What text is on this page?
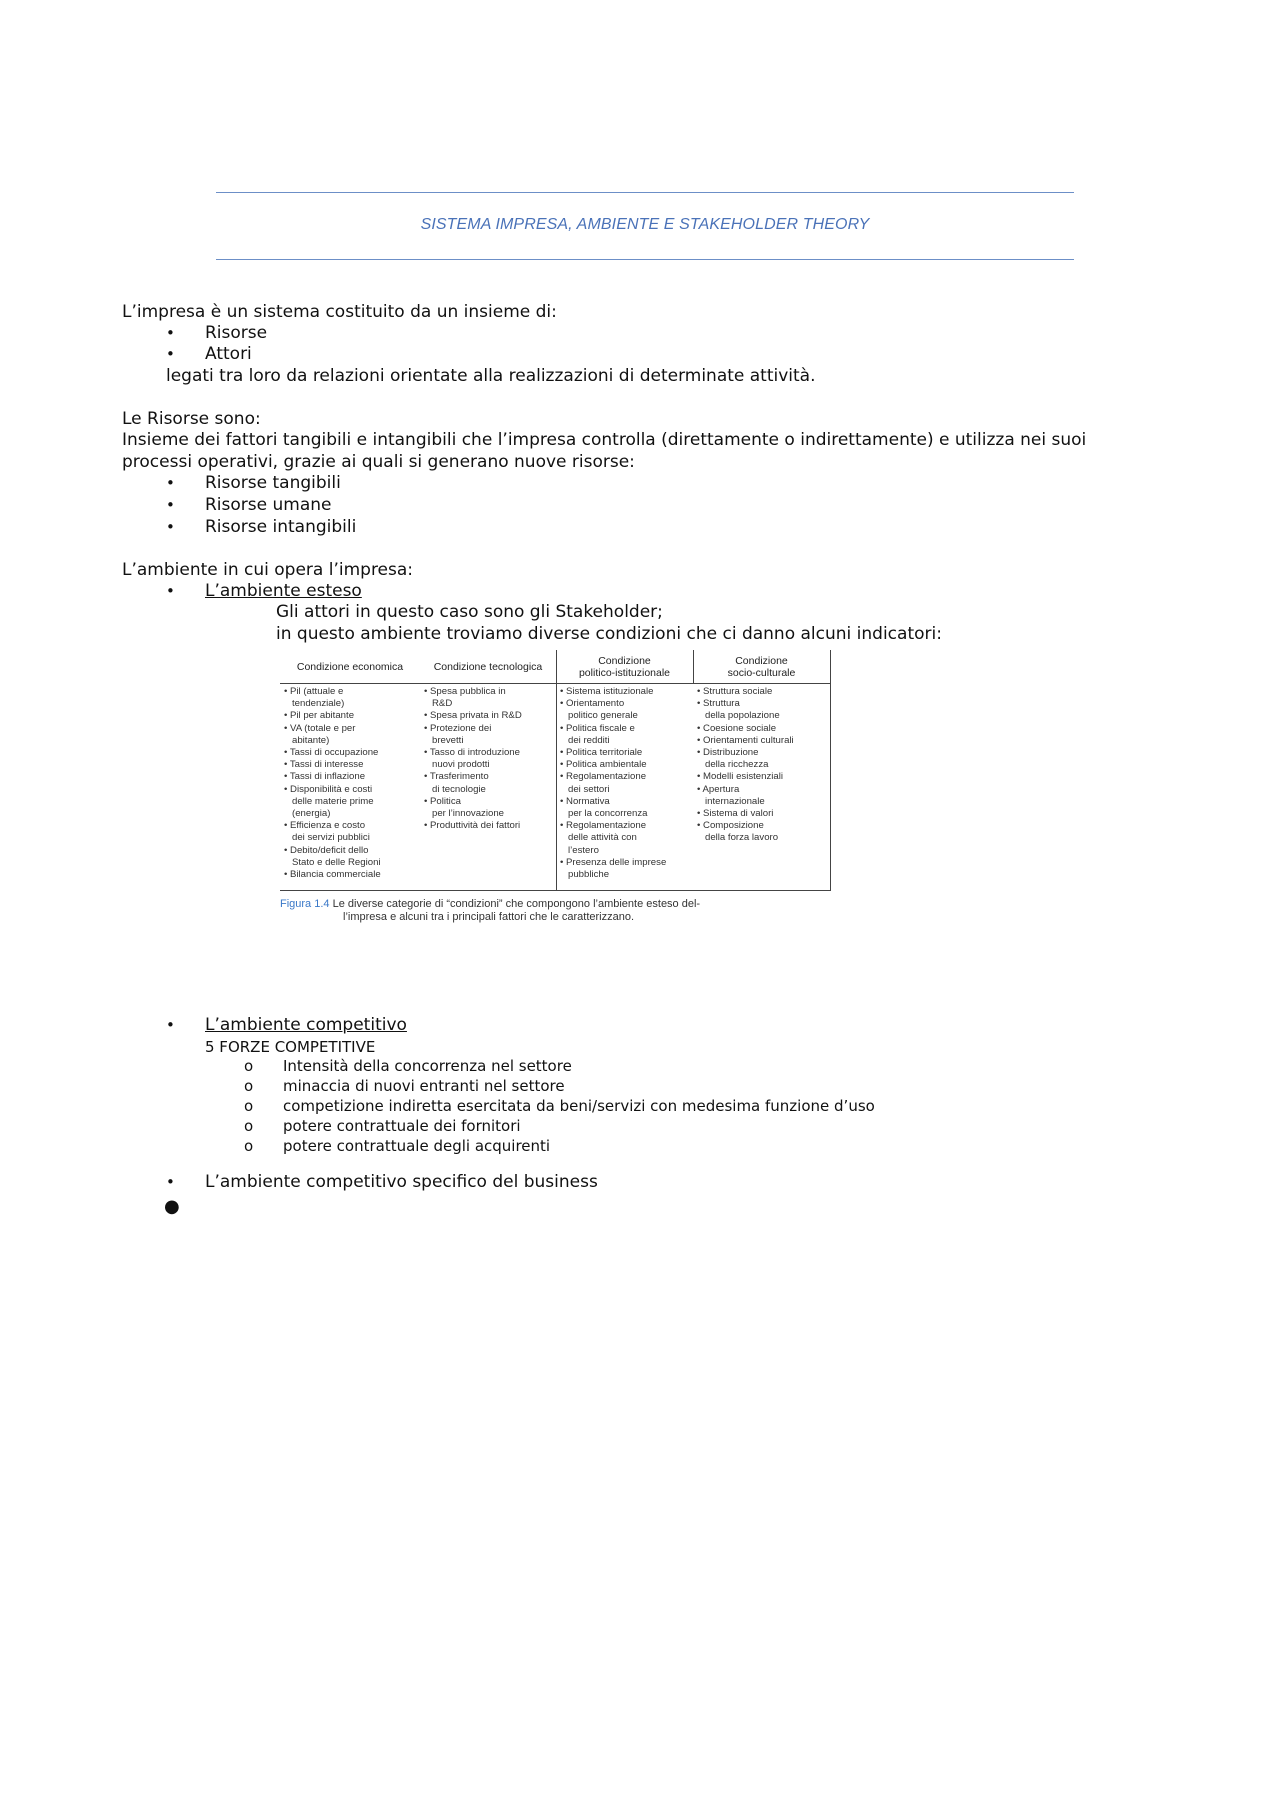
SISTEMA IMPRESA, AMBIENTE E STAKEHOLDER THEORY
L’impresa è un sistema costituito da un insieme di:
• Risorse
• Attori
legati tra loro da relazioni orientate alla realizzazioni di determinate attività.
Le Risorse sono:
Insieme dei fattori tangibili e intangibili che l’impresa controlla (direttamente o indirettamente) e utilizza nei suoi
processi operativi, grazie ai quali si generano nuove risorse:
• Risorse tangibili
• Risorse umane
• Risorse intangibili
L’ambiente in cui opera l’impresa:
• L’ambiente esteso
Gli attori in questo caso sono gli Stakeholder;
in questo ambiente troviamo diverse condizioni che ci danno alcuni indicatori:
Condizione economica
• Pil (attuale e
tendenziale)
• Pil per abitante
• VA (totale e per
abitante)
• Tassi di occupazione
• Tassi di interesse
• Tassi di inflazione
• Disponibilità e costi
delle materie prime
(energia)
• Efficienza e costo
dei servizi pubblici
• Debito/deficit dello
Stato e delle Regioni
• Bilancia commerciale
Condizione tecnologica
• Spesa pubblica in
R&D
• Spesa privata in R&D
• Protezione dei
brevetti
• Tasso di introduzione
nuovi prodotti
• Trasferimento
di tecnologie
• Politica
per l’innovazione
• Produttività dei fattori
Condizione
politico-istituzionale
• Sistema istituzionale
• Orientamento
politico generale
• Politica fiscale e
dei redditi
• Politica territoriale
• Politica ambientale
• Regolamentazione
dei settori
• Normativa
per la concorrenza
• Regolamentazione
delle attività con
l’estero
• Presenza delle imprese
pubbliche
Condizione
socio-culturale
• Struttura sociale
• Struttura
della popolazione
• Coesione sociale
• Orientamenti culturali
• Distribuzione
della ricchezza
• Modelli esistenziali
• Apertura
internazionale
• Sistema di valori
• Composizione
della forza lavoro
Figura 1.4 Le diverse categorie di “condizioni” che compongono l’ambiente esteso del-
l’impresa e alcuni tra i principali fattori che le caratterizzano.
• L’ambiente competitivo
5 FORZE COMPETITIVE
o Intensità della concorrenza nel settore
o minaccia di nuovi entranti nel settore
o competizione indiretta esercitata da beni/servizi con medesima funzione d’uso
o potere contrattuale dei fornitori
o potere contrattuale degli acquirenti
• L’ambiente competitivo specifico del business
●
